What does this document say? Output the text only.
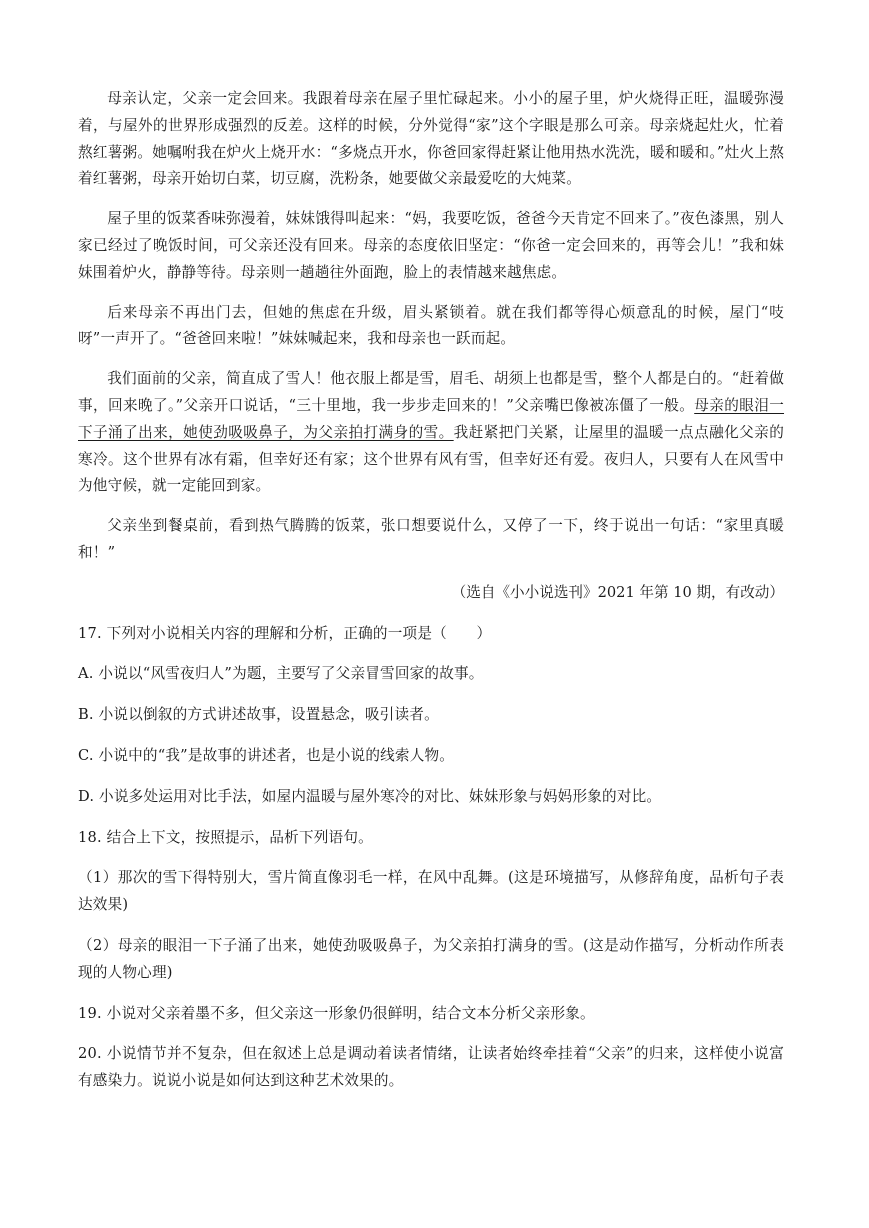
母亲认定，父亲一定会回来。我跟着母亲在屋子里忙碌起来。小小的屋子里，炉火烧得正旺，温暖弥漫着，与屋外的世界形成强烈的反差。这样的时候，分外觉得“家”这个字眼是那么可亲。母亲烧起灶火，忙着熬红薯粥。她嘱咐我在炉火上烧开水：“多烧点开水，你爸回家得赶紧让他用热水洗洗，暖和暖和。”灶火上熬着红薯粥，母亲开始切白菜，切豆腐，洗粉条，她要做父亲最爱吃的大炖菜。

屋子里的饭菜香味弥漫着，妹妹饿得叫起来：“妈，我要吃饭，爸爸今天肯定不回来了。”夜色漆黑，别人家已经过了晚饭时间，可父亲还没有回来。母亲的态度依旧坚定：“你爸一定会回来的，再等会儿！”我和妹妹围着炉火，静静等待。母亲则一趟趟往外面跑，脸上的表情越来越焦虑。

后来母亲不再出门去，但她的焦虑在升级，眉头紧锁着。就在我们都等得心烦意乱的时候，屋门“吱呀”一声开了。“爸爸回来啦！”妹妹喊起来，我和母亲也一跃而起。

我们面前的父亲，简直成了雪人！他衣服上都是雪，眉毛、胡须上也都是雪，整个人都是白的。“赶着做事，回来晚了。”父亲开口说话，“三十里地，我一步步走回来的！”父亲嘴巴像被冻僵了一般。母亲的眼泪一下子涌了出来，她使劲吸吸鼻子，为父亲拍打满身的雪。我赶紧把门关紧，让屋里的温暖一点点融化父亲的寒冷。这个世界有冰有霜，但幸好还有家；这个世界有风有雪，但幸好还有爱。夜归人，只要有人在风雪中为他守候，就一定能回到家。

父亲坐到餐桌前，看到热气腾腾的饭菜，张口想要说什么，又停了一下，终于说出一句话：“家里真暖和！”

（选自《小小说选刊》2021 年第 10 期，有改动）

17. 下列对小说相关内容的理解和分析，正确的一项是（　　）

A. 小说以“风雪夜归人”为题，主要写了父亲冒雪回家的故事。

B. 小说以倒叙的方式讲述故事，设置悬念，吸引读者。

C. 小说中的“我”是故事的讲述者，也是小说的线索人物。

D. 小说多处运用对比手法，如屋内温暖与屋外寒冷的对比、妹妹形象与妈妈形象的对比。

18. 结合上下文，按照提示，品析下列语句。

（1）那次的雪下得特别大，雪片简直像羽毛一样，在风中乱舞。(这是环境描写，从修辞角度，品析句子表达效果)

（2）母亲的眼泪一下子涌了出来，她使劲吸吸鼻子，为父亲拍打满身的雪。(这是动作描写，分析动作所表现的人物心理)

19. 小说对父亲着墨不多，但父亲这一形象仍很鲜明，结合文本分析父亲形象。

20. 小说情节并不复杂，但在叙述上总是调动着读者情绪，让读者始终牵挂着“父亲”的归来，这样使小说富有感染力。说说小说是如何达到这种艺术效果的。
